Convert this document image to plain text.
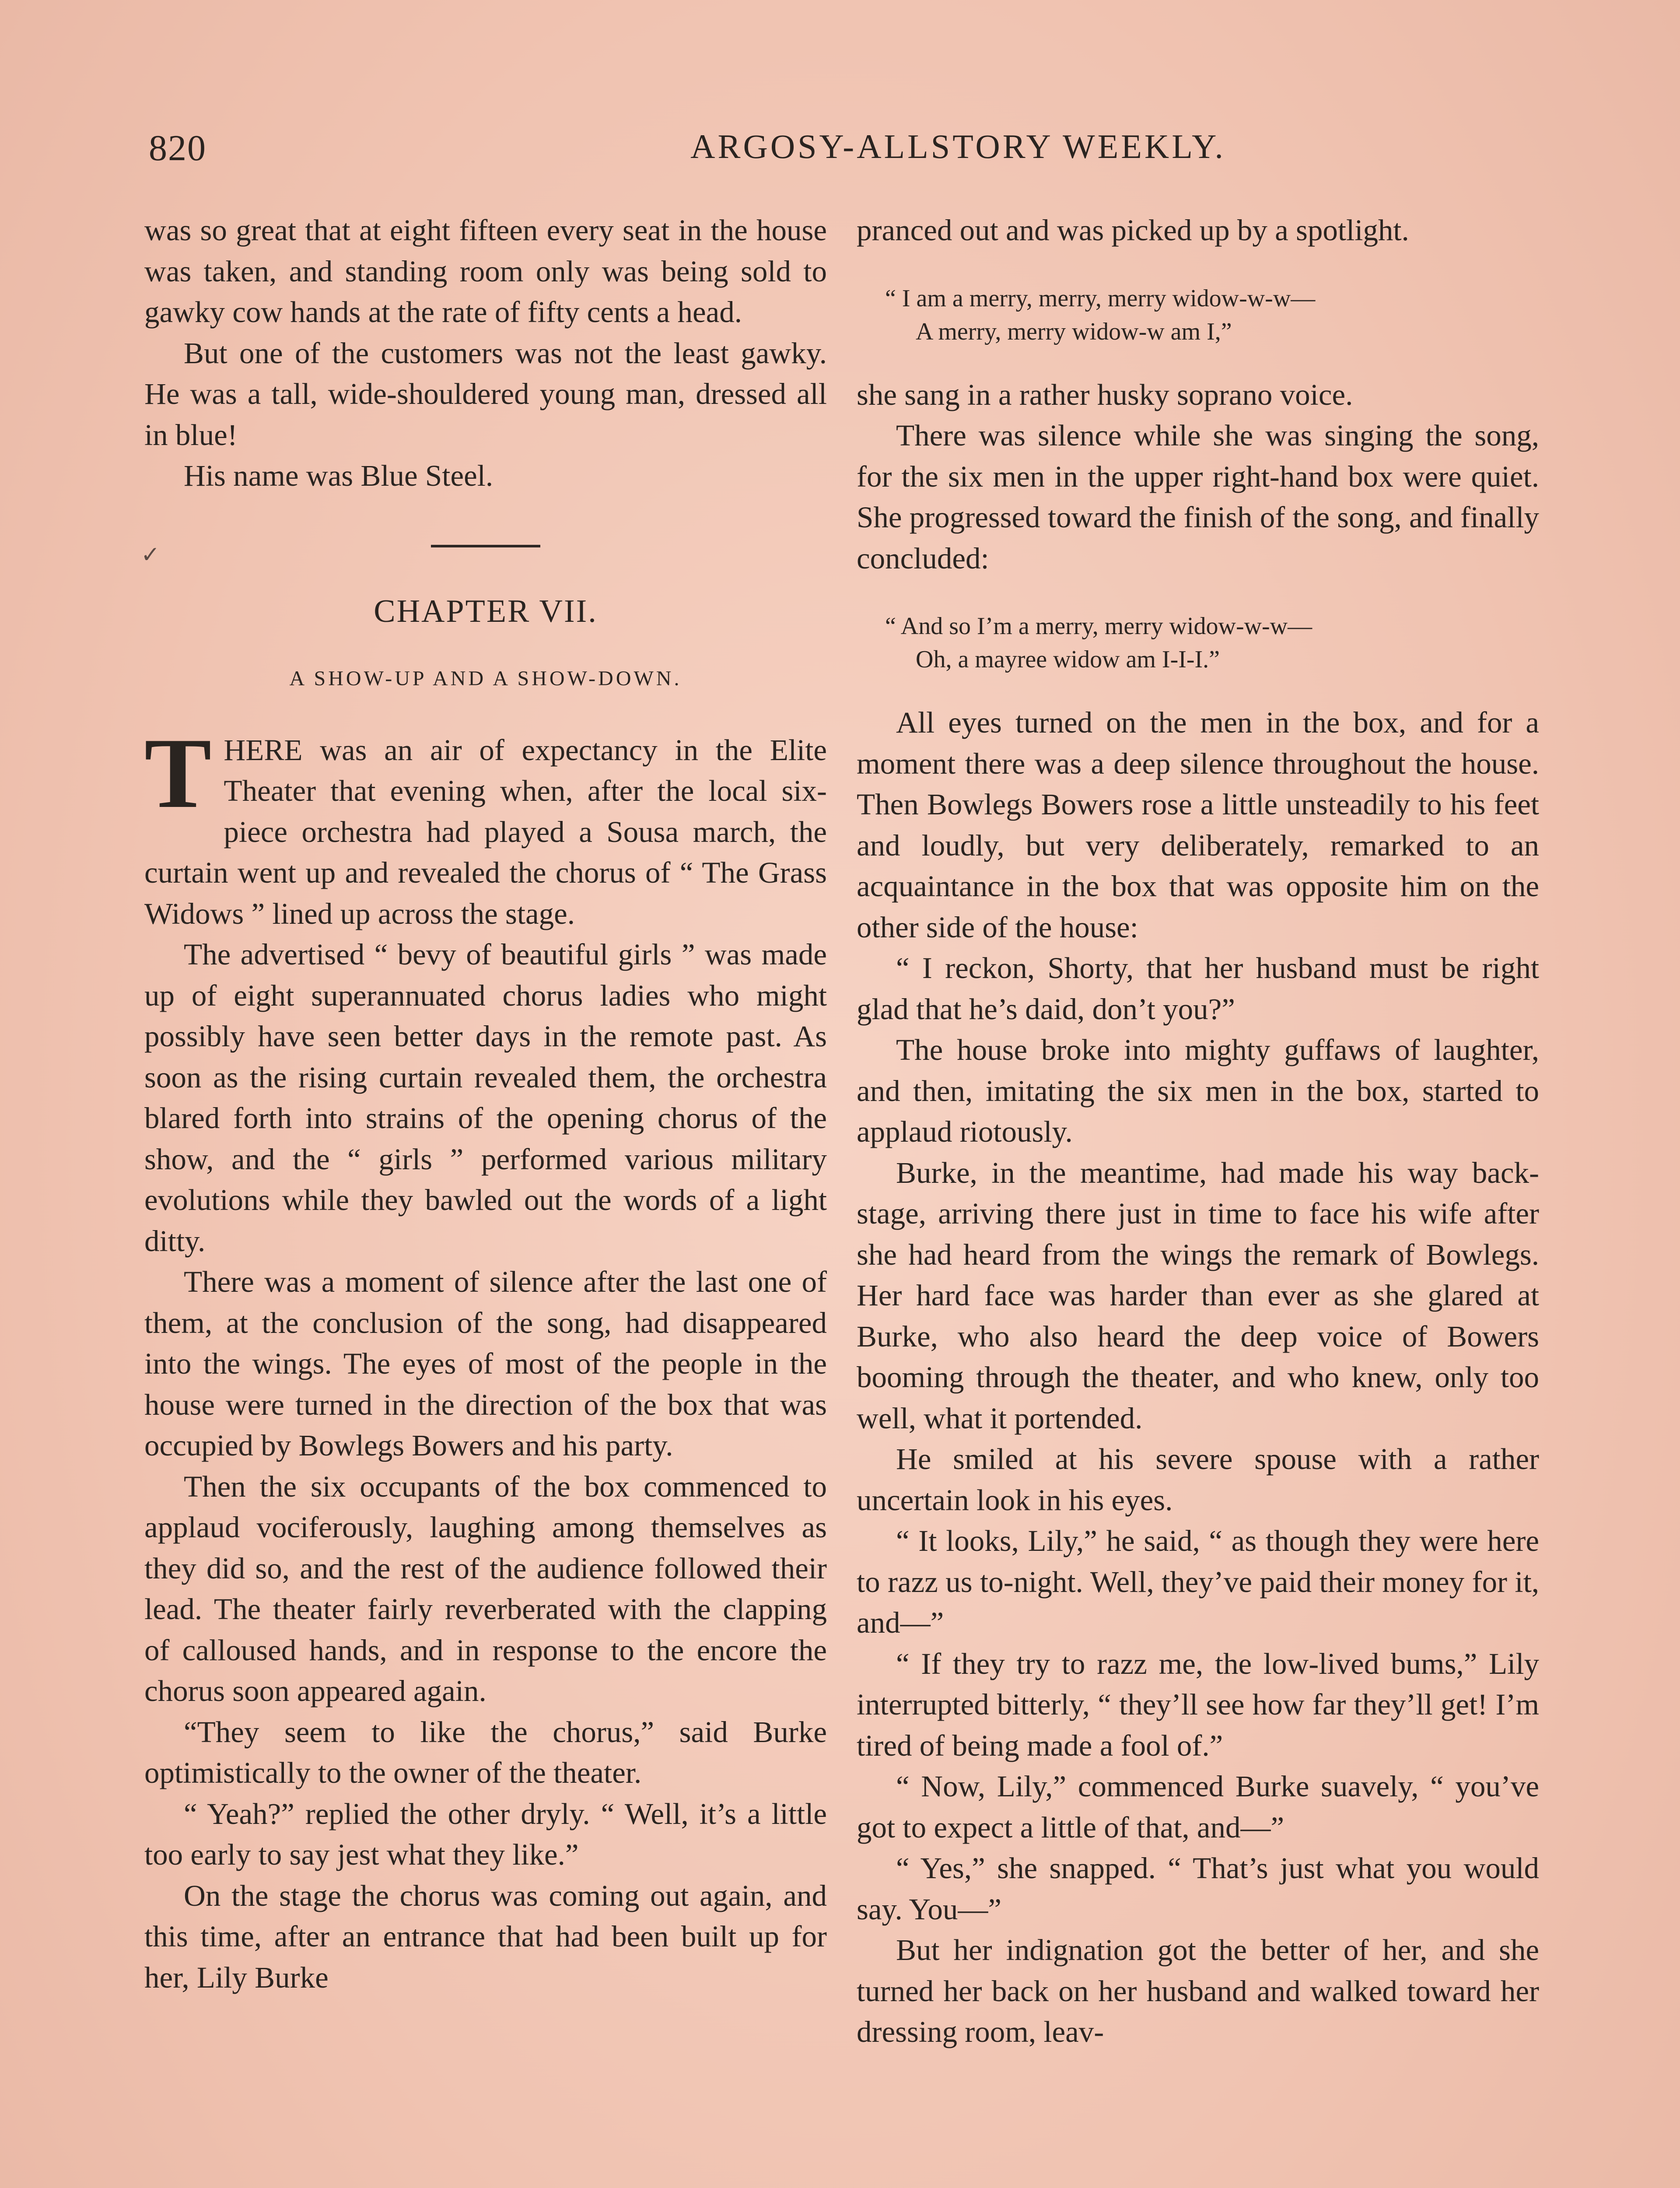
820	ARGOSY-ALLSTORY WEEKLY.

was so great that at eight fifteen every seat in the house was taken, and standing room only was being sold to gawky cow hands at the rate of fifty cents a head.

But one of the customers was not the least gawky. He was a tall, wide-shouldered young man, dressed all in blue!

His name was Blue Steel.

CHAPTER VII.
A SHOW-UP AND A SHOW-DOWN.

THERE was an air of expectancy in the Elite Theater that evening when, after the local six-piece orchestra had played a Sousa march, the curtain went up and revealed the chorus of “ The Grass Widows ” lined up across the stage.

The advertised “ bevy of beautiful girls ” was made up of eight superannuated chorus ladies who might possibly have seen better days in the remote past. As soon as the rising curtain revealed them, the orchestra blared forth into strains of the opening chorus of the show, and the “ girls ” performed various military evolutions while they bawled out the words of a light ditty.

There was a moment of silence after the last one of them, at the conclusion of the song, had disappeared into the wings. The eyes of most of the people in the house were turned in the direction of the box that was occupied by Bowlegs Bowers and his party.

Then the six occupants of the box commenced to applaud vociferously, laughing among themselves as they did so, and the rest of the audience followed their lead. The theater fairly reverberated with the clapping of calloused hands, and in response to the encore the chorus soon appeared again.

“They seem to like the chorus,” said Burke optimistically to the owner of the theater.

“ Yeah?” replied the other dryly. “ Well, it’s a little too early to say jest what they like.”

On the stage the chorus was coming out again, and this time, after an entrance that had been built up for her, Lily Burke

✓

pranced out and was picked up by a spotlight.

“ I am a merry, merry, merry widow-w-w—
A merry, merry widow-w am I,”

she sang in a rather husky soprano voice.

There was silence while she was singing the song, for the six men in the upper right-hand box were quiet. She progressed toward the finish of the song, and finally concluded:

“ And so I’m a merry, merry widow-w-w—
Oh, a mayree widow am I-I-I.”

All eyes turned on the men in the box, and for a moment there was a deep silence throughout the house. Then Bowlegs Bowers rose a little unsteadily to his feet and loudly, but very deliberately, remarked to an acquaintance in the box that was opposite him on the other side of the house:

“ I reckon, Shorty, that her husband must be right glad that he’s daid, don’t you?”

The house broke into mighty guffaws of laughter, and then, imitating the six men in the box, started to applaud riotously.

Burke, in the meantime, had made his way back-stage, arriving there just in time to face his wife after she had heard from the wings the remark of Bowlegs. Her hard face was harder than ever as she glared at Burke, who also heard the deep voice of Bowers booming through the theater, and who knew, only too well, what it portended.

He smiled at his severe spouse with a rather uncertain look in his eyes.

“ It looks, Lily,” he said, “ as though they were here to razz us to-night. Well, they’ve paid their money for it, and—”

“ If they try to razz me, the low-lived bums,” Lily interrupted bitterly, “ they’ll see how far they’ll get! I’m tired of being made a fool of.”

“ Now, Lily,” commenced Burke suavely, “ you’ve got to expect a little of that, and—”

“ Yes,” she snapped. “ That’s just what you would say. You—”

But her indignation got the better of her, and she turned her back on her husband and walked toward her dressing room, leav-
